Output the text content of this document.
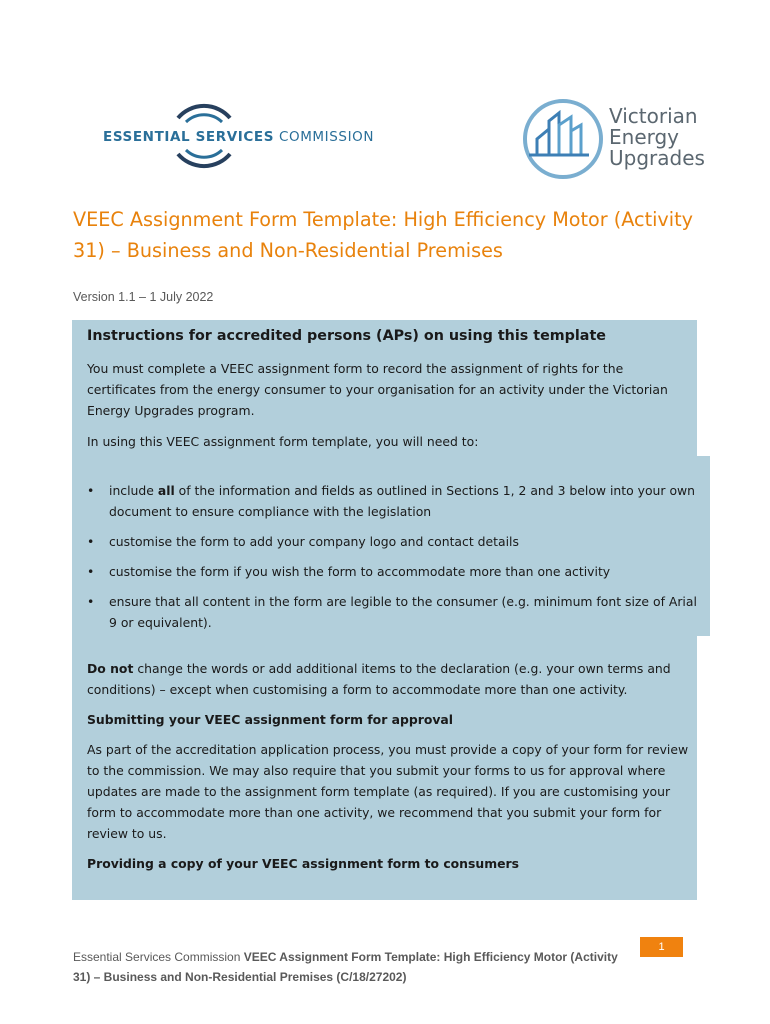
ESSENTIAL SERVICES COMMISSION
Victorian
Energy
Upgrades
VEEC Assignment Form Template: High Efficiency Motor (Activity 31) – Business and Non-Residential Premises
Version 1.1 – 1 July 2022

Instructions for accredited persons (APs) on using this template

You must complete a VEEC assignment form to record the assignment of rights for the certificates from the energy consumer to your organisation for an activity under the Victorian Energy Upgrades program.

In using this VEEC assignment form template, you will need to:

• include all of the information and fields as outlined in Sections 1, 2 and 3 below into your own document to ensure compliance with the legislation
• customise the form to add your company logo and contact details
• customise the form if you wish the form to accommodate more than one activity
• ensure that all content in the form are legible to the consumer (e.g. minimum font size of Arial 9 or equivalent).

Do not change the words or add additional items to the declaration (e.g. your own terms and conditions) – except when customising a form to accommodate more than one activity.

Submitting your VEEC assignment form for approval

As part of the accreditation application process, you must provide a copy of your form for review to the commission. We may also require that you submit your forms to us for approval where updates are made to the assignment form template (as required). If you are customising your form to accommodate more than one activity, we recommend that you submit your form for review to us.

Providing a copy of your VEEC assignment form to consumers

Essential Services Commission VEEC Assignment Form Template: High Efficiency Motor (Activity 31) – Business and Non-Residential Premises (C/18/27202)
1
